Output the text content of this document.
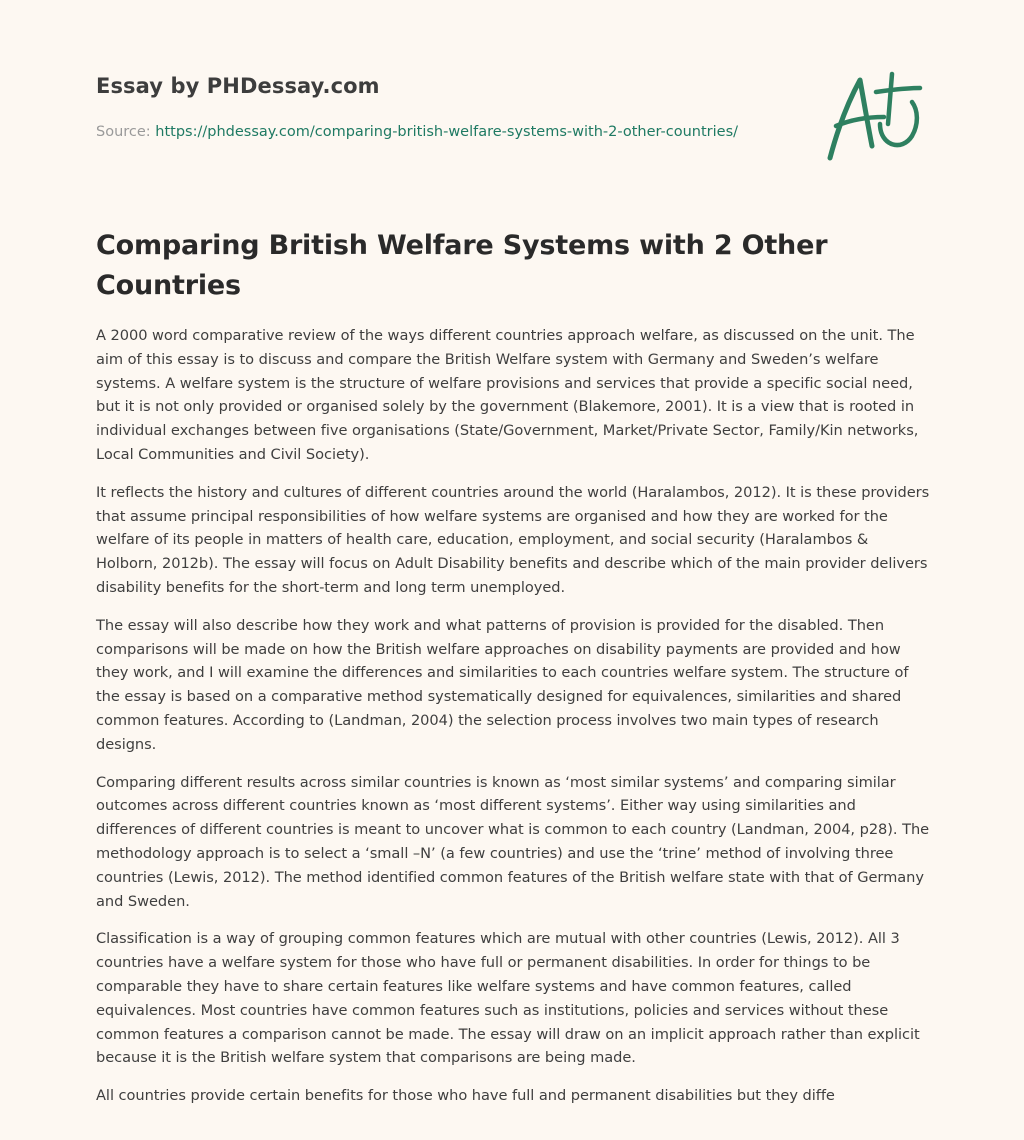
Essay by PHDessay.com
Source: https://phdessay.com/comparing-british-welfare-systems-with-2-other-countries/
Comparing British Welfare Systems with 2 Other Countries

A 2000 word comparative review of the ways different countries approach welfare, as discussed on the unit. The aim of this essay is to discuss and compare the British Welfare system with Germany and Sweden’s welfare systems. A welfare system is the structure of welfare provisions and services that provide a specific social need, but it is not only provided or organised solely by the government (Blakemore, 2001). It is a view that is rooted in individual exchanges between five organisations (State/Government, Market/Private Sector, Family/Kin networks, Local Communities and Civil Society).

It reflects the history and cultures of different countries around the world (Haralambos, 2012). It is these providers that assume principal responsibilities of how welfare systems are organised and how they are worked for the welfare of its people in matters of health care, education, employment, and social security (Haralambos & Holborn, 2012b). The essay will focus on Adult Disability benefits and describe which of the main provider delivers disability benefits for the short-term and long term unemployed.

The essay will also describe how they work and what patterns of provision is provided for the disabled. Then comparisons will be made on how the British welfare approaches on disability payments are provided and how they work, and I will examine the differences and similarities to each countries welfare system. The structure of the essay is based on a comparative method systematically designed for equivalences, similarities and shared common features. According to (Landman, 2004) the selection process involves two main types of research designs.

Comparing different results across similar countries is known as ‘most similar systems’ and comparing similar outcomes across different countries known as ‘most different systems’. Either way using similarities and differences of different countries is meant to uncover what is common to each country (Landman, 2004, p28). The methodology approach is to select a ‘small –N’ (a few countries) and use the ‘trine’ method of involving three countries (Lewis, 2012). The method identified common features of the British welfare state with that of Germany and Sweden.

Classification is a way of grouping common features which are mutual with other countries (Lewis, 2012). All 3 countries have a welfare system for those who have full or permanent disabilities. In order for things to be comparable they have to share certain features like welfare systems and have common features, called equivalences. Most countries have common features such as institutions, policies and services without these common features a comparison cannot be made. The essay will draw on an implicit approach rather than explicit because it is the British welfare system that comparisons are being made.

All countries provide certain benefits for those who have full and permanent disabilities but they diffe
